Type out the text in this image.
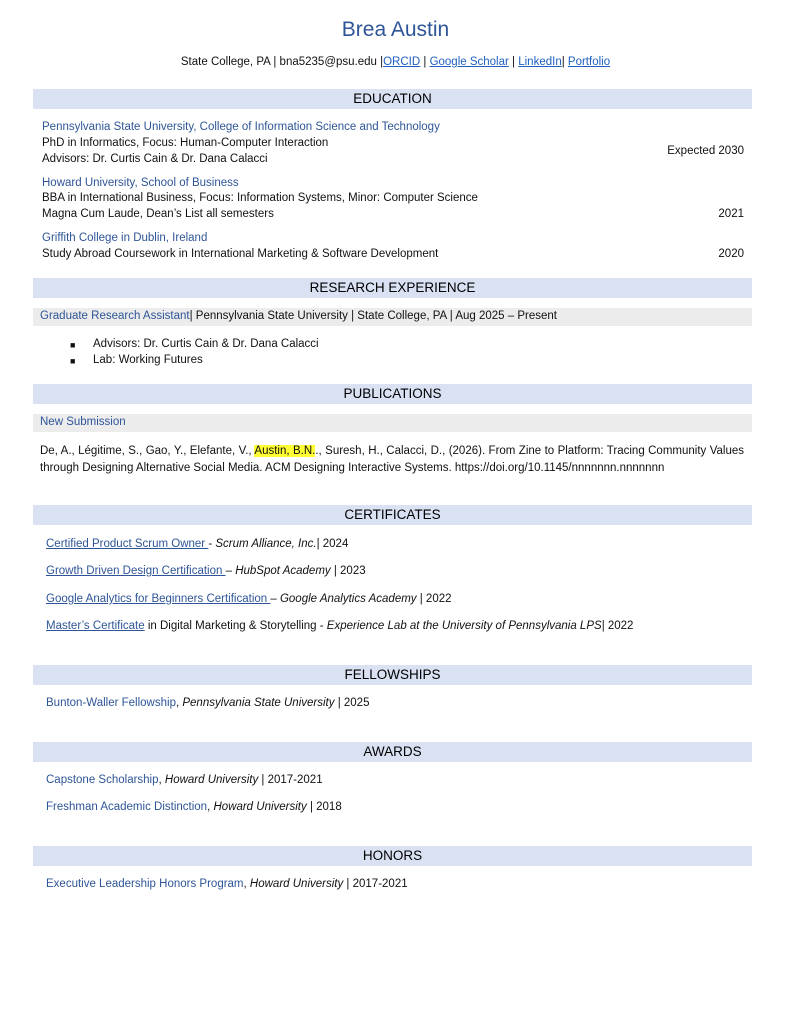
Brea Austin
State College, PA | bna5235@psu.edu |ORCID | Google Scholar | LinkedIn| Portfolio
EDUCATION
Pennsylvania State University, College of Information Science and Technology
PhD in Informatics, Focus: Human-Computer Interaction
Advisors: Dr. Curtis Cain & Dr. Dana Calacci
Expected 2030
Howard University, School of Business
BBA in International Business, Focus: Information Systems, Minor: Computer Science
Magna Cum Laude, Dean’s List all semesters	2021
Griffith College in Dublin, Ireland
Study Abroad Coursework in International Marketing & Software Development	2020
RESEARCH EXPERIENCE
Graduate Research Assistant| Pennsylvania State University | State College, PA | Aug 2025 – Present
■ Advisors: Dr. Curtis Cain & Dr. Dana Calacci
■ Lab: Working Futures
PUBLICATIONS
New Submission
De, A., Légitime, S., Gao, Y., Elefante, V., Austin, B.N.., Suresh, H., Calacci, D., (2026). From Zine to Platform: Tracing Community Values through Designing Alternative Social Media. ACM Designing Interactive Systems. https://doi.org/10.1145/nnnnnnn.nnnnnnn
CERTIFICATES
Certified Product Scrum Owner - Scrum Alliance, Inc.| 2024
Growth Driven Design Certification – HubSpot Academy | 2023
Google Analytics for Beginners Certification – Google Analytics Academy | 2022
Master’s Certificate in Digital Marketing & Storytelling - Experience Lab at the University of Pennsylvania LPS| 2022
FELLOWSHIPS
Bunton-Waller Fellowship, Pennsylvania State University | 2025
AWARDS
Capstone Scholarship, Howard University | 2017-2021
Freshman Academic Distinction, Howard University | 2018
HONORS
Executive Leadership Honors Program, Howard University | 2017-2021
